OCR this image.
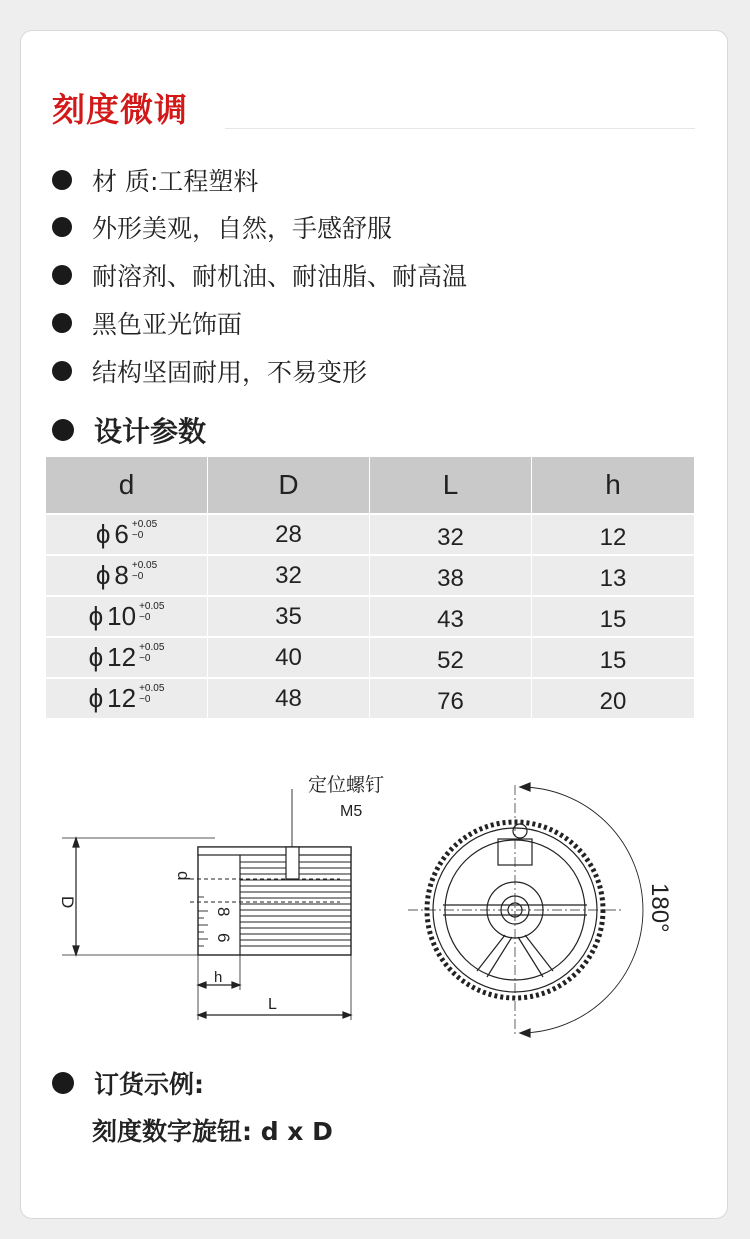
刻度微调
材 质:工程塑料
外形美观，自然，手感舒服
耐溶剂、耐机油、耐油脂、耐高温
黑色亚光饰面
结构坚固耐用，不易变形
设计参数
d	D	L	h
ϕ 6 +0.05
−0	28	32	12
ϕ 8 +0.05
−0	32	38	13
ϕ 10 +0.05
−0	35	43	15
ϕ 12 +0.05
−0	40	52	15
ϕ 12 +0.05
−0	48	76	20
D
d
8
6
h
L
定位螺钉
M5
180°
订货示例:
刻度数字旋钮: d x D
